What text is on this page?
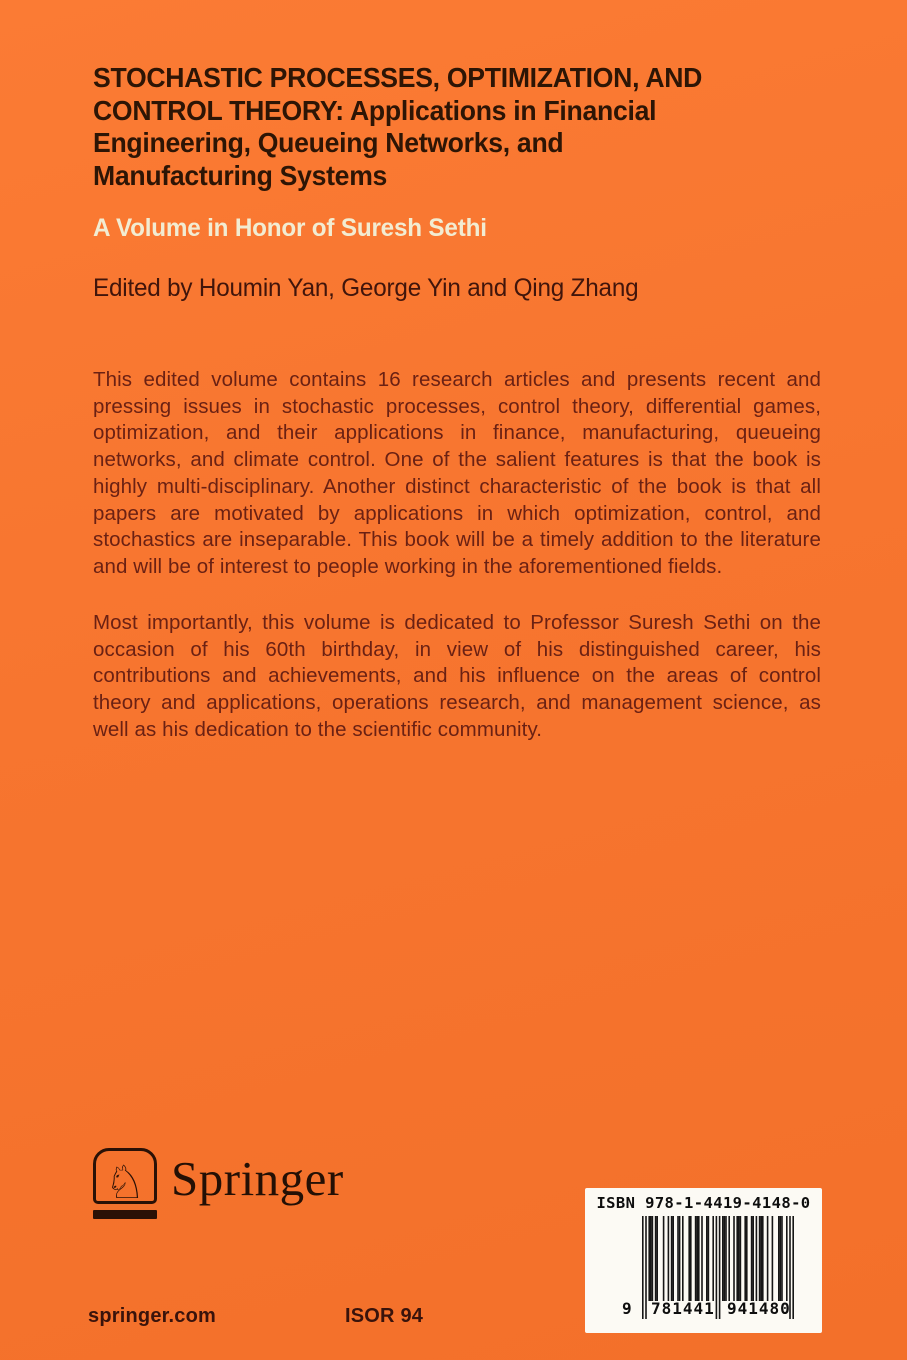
STOCHASTIC PROCESSES, OPTIMIZATION, AND
CONTROL THEORY: Applications in Financial
Engineering, Queueing Networks, and
Manufacturing Systems
A Volume in Honor of Suresh Sethi
Edited by Houmin Yan, George Yin and Qing Zhang

This edited volume contains 16 research articles and presents recent and pressing issues in stochastic processes, control theory, differential games, optimization, and their applications in finance, manufacturing, queueing networks, and climate control. One of the salient features is that the book is highly multi-disciplinary. Another distinct characteristic of the book is that all papers are motivated by applications in which optimization, control, and stochastics are inseparable. This book will be a timely addition to the literature and will be of interest to people working in the aforementioned fields.

Most importantly, this volume is dedicated to Professor Suresh Sethi on the occasion of his 60th birthday, in view of his distinguished career, his contributions and achievements, and his influence on the areas of control theory and applications, operations research, and management science, as well as his dedication to the scientific community.

♘ Springer	ISBN 978-1-4419-4148-0
9 781441 941480
springer.com	ISOR 94
